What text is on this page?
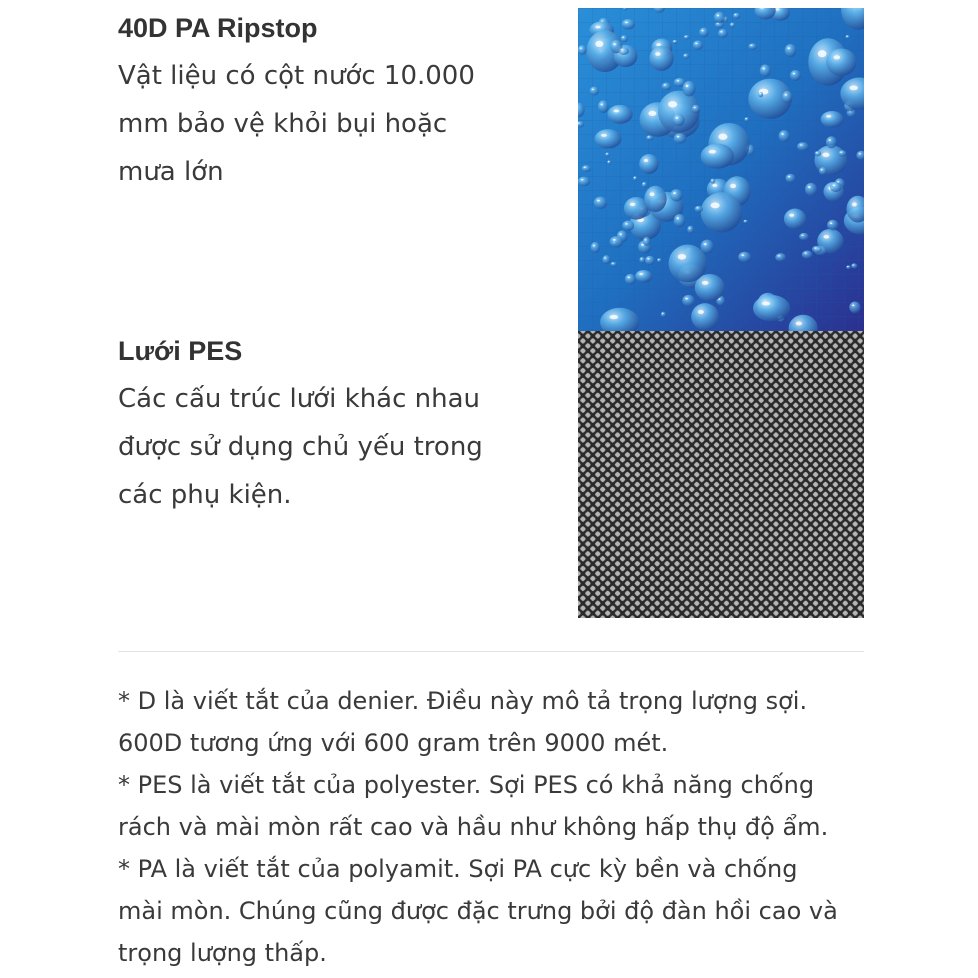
40D PA Ripstop
Vật liệu có cột nước 10.000
mm bảo vệ khỏi bụi hoặc
mưa lớn
Lưới PES
Các cấu trúc lưới khác nhau
được sử dụng chủ yếu trong
các phụ kiện.
* D là viết tắt của denier. Điều này mô tả trọng lượng sợi.
600D tương ứng với 600 gram trên 9000 mét.
* PES là viết tắt của polyester. Sợi PES có khả năng chống
rách và mài mòn rất cao và hầu như không hấp thụ độ ẩm.
* PA là viết tắt của polyamit. Sợi PA cực kỳ bền và chống
mài mòn. Chúng cũng được đặc trưng bởi độ đàn hồi cao và
trọng lượng thấp.
